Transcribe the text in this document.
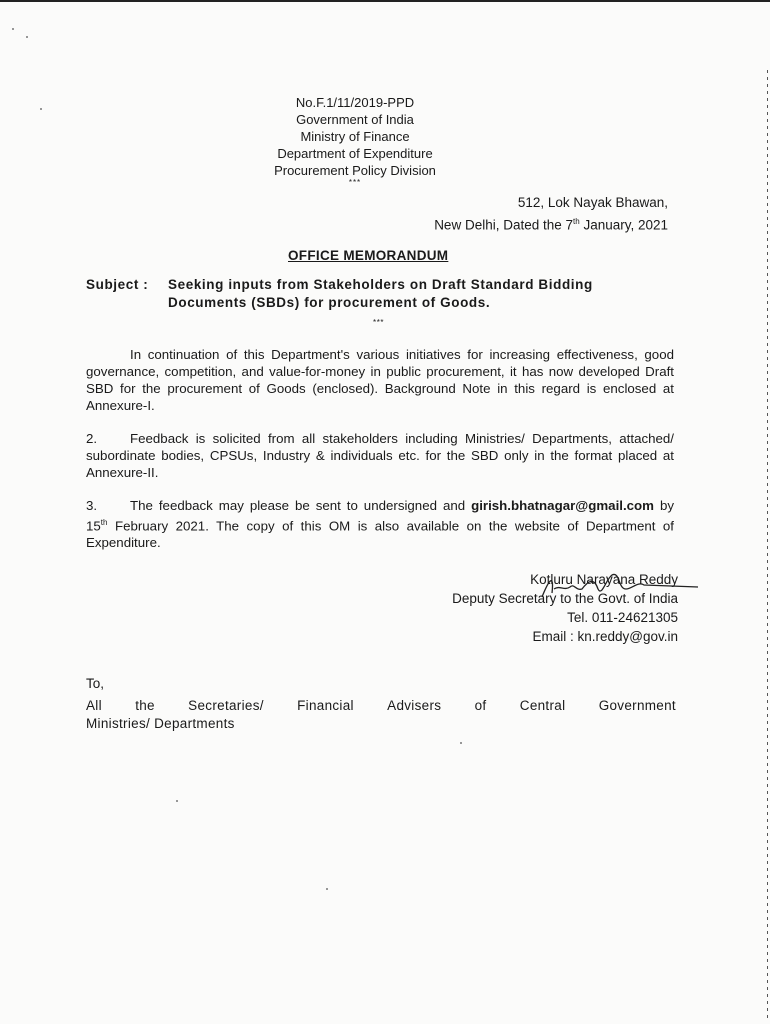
No.F.1/11/2019-PPD
Government of India
Ministry of Finance
Department of Expenditure
Procurement Policy Division
***
512, Lok Nayak Bhawan,
New Delhi, Dated the 7th January, 2021
OFFICE MEMORANDUM
Subject : Seeking inputs from Stakeholders on Draft Standard Bidding Documents (SBDs) for procurement of Goods.
***
In continuation of this Department's various initiatives for increasing effectiveness, good governance, competition, and value-for-money in public procurement, it has now developed Draft SBD for the procurement of Goods (enclosed). Background Note in this regard is enclosed at Annexure-I.
2. Feedback is solicited from all stakeholders including Ministries/ Departments, attached/ subordinate bodies, CPSUs, Industry & individuals etc. for the SBD only in the format placed at Annexure-II.
3. The feedback may please be sent to undersigned and girish.bhatnagar@gmail.com by 15th February 2021. The copy of this OM is also available on the website of Department of Expenditure.
Kotluru Narayana Reddy
Deputy Secretary to the Govt. of India
Tel. 011-24621305
Email : kn.reddy@gov.in
To,
All the Secretaries/ Financial Advisers of Central Government
Ministries/ Departments
